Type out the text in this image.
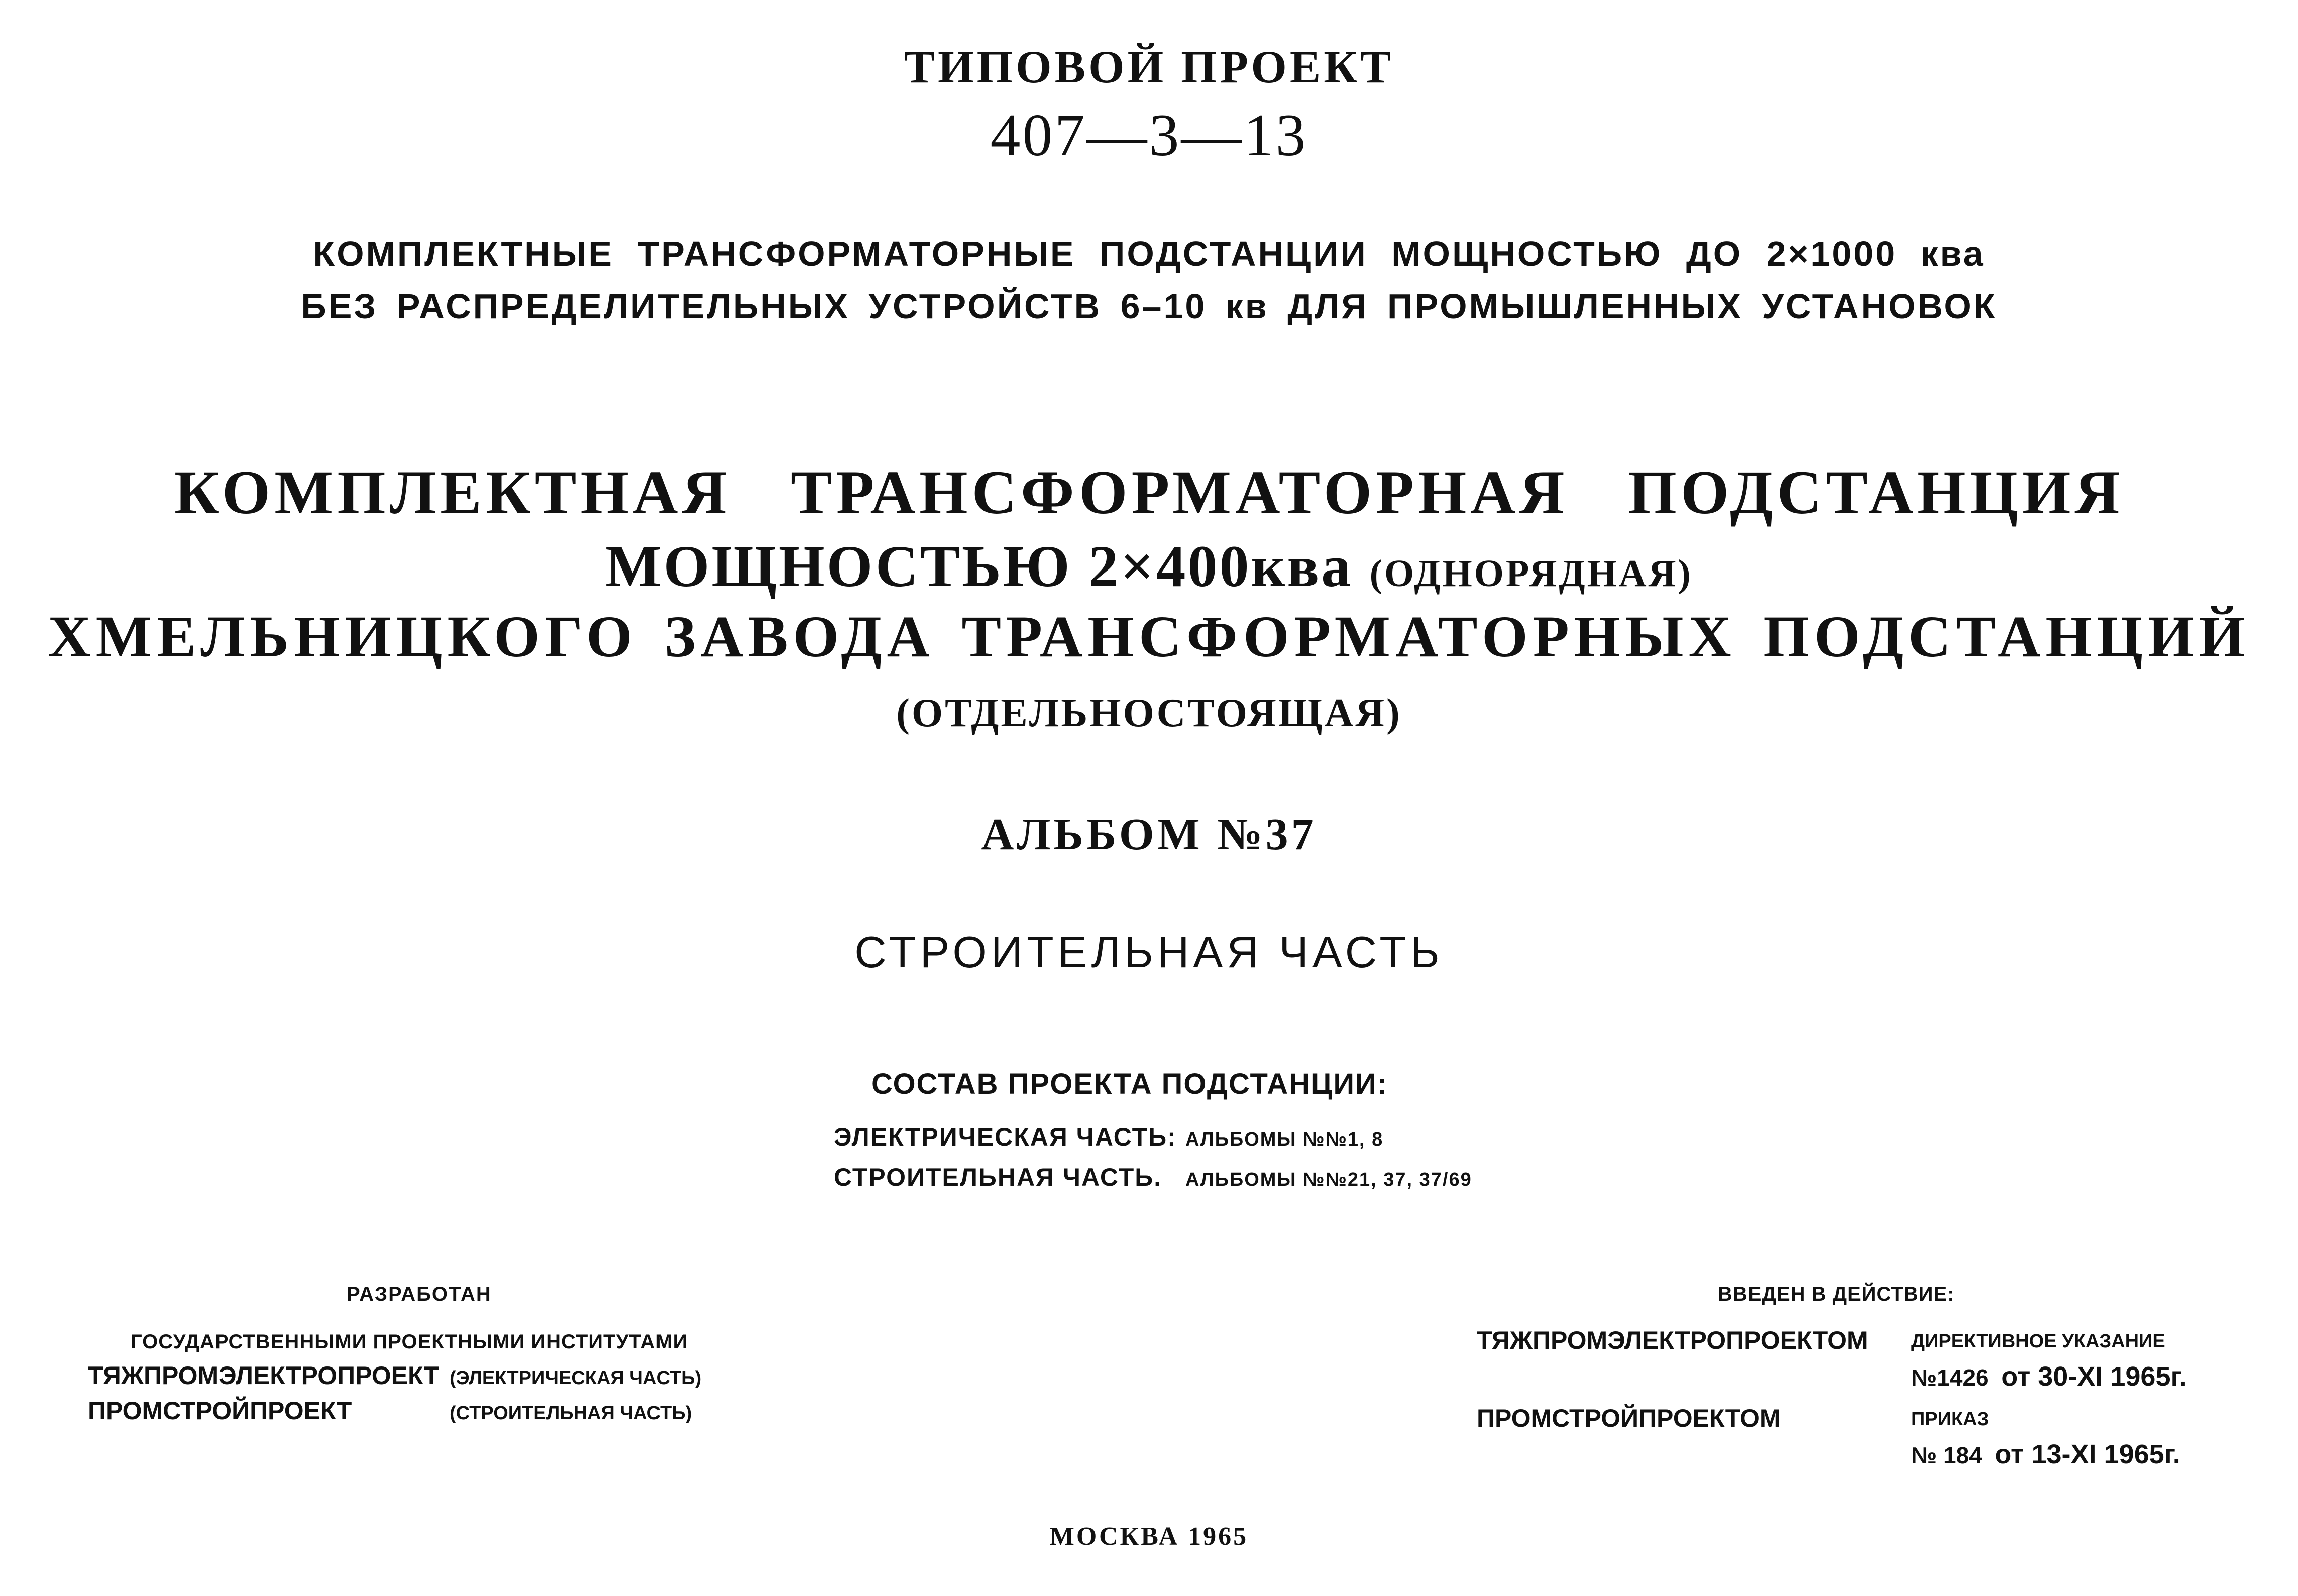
ТИПОВОЙ ПРОЕКТ
407—3—13
КОМПЛЕКТНЫЕ ТРАНСФОРМАТОРНЫЕ ПОДСТАНЦИИ МОЩНОСТЬЮ ДО 2×1000 ква
БЕЗ РАСПРЕДЕЛИТЕЛЬНЫХ УСТРОЙСТВ 6–10 кв ДЛЯ ПРОМЫШЛЕННЫХ УСТАНОВОК
КОМПЛЕКТНАЯ ТРАНСФОРМАТОРНАЯ ПОДСТАНЦИЯ
МОЩНОСТЬЮ 2×400ква (ОДНОРЯДНАЯ)
ХМЕЛЬНИЦКОГО ЗАВОДА ТРАНСФОРМАТОРНЫХ ПОДСТАНЦИЙ
(ОТДЕЛЬНОСТОЯЩАЯ)
АЛЬБОМ №37
СТРОИТЕЛЬНАЯ ЧАСТЬ
СОСТАВ ПРОЕКТА ПОДСТАНЦИИ:
ЭЛЕКТРИЧЕСКАЯ ЧАСТЬ: АЛЬБОМЫ №№1, 8
СТРОИТЕЛЬНАЯ ЧАСТЬ. АЛЬБОМЫ №№21, 37, 37/69
РАЗРАБОТАН
ГОСУДАРСТВЕННЫМИ ПРОЕКТНЫМИ ИНСТИТУТАМИ
ТЯЖПРОМЭЛЕКТРОПРОЕКТ (ЭЛЕКТРИЧЕСКАЯ ЧАСТЬ)
ПРОМСТРОЙПРОЕКТ	(СТРОИТЕЛЬНАЯ ЧАСТЬ)
ВВЕДЕН В ДЕЙСТВИЕ:
ТЯЖПРОМЭЛЕКТРОПРОЕКТОМ ДИРЕКТИВНОЕ УКАЗАНИЕ
№1426 от 30-XI 1965г.
ПРОМСТРОЙПРОЕКТОМ	ПРИКАЗ
№ 184 от 13-XI 1965г.
МОСКВА 1965
